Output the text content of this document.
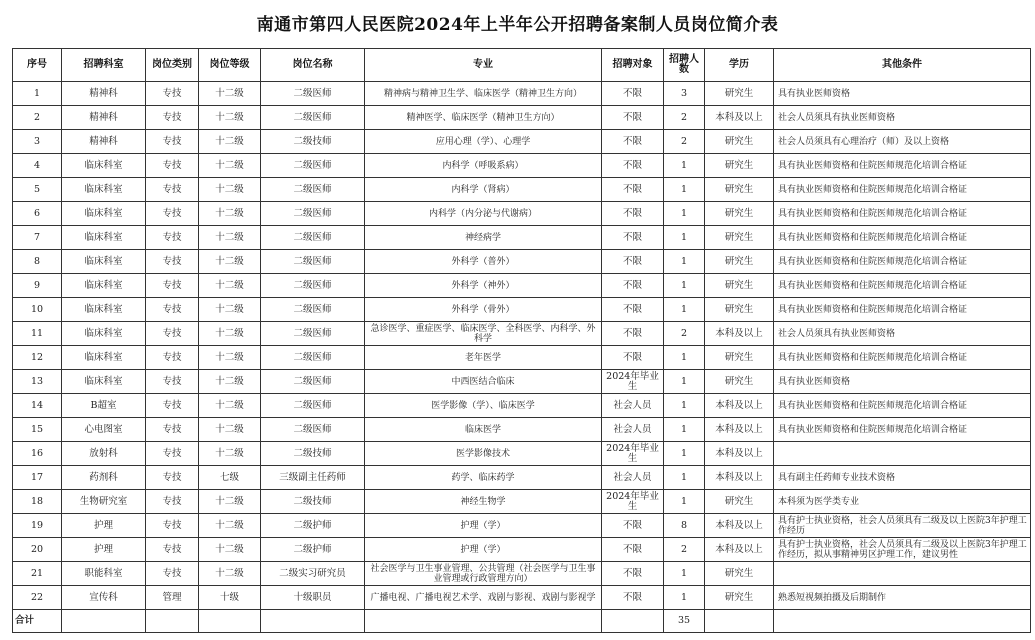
南通市第四人民医院2024年上半年公开招聘备案制人员岗位简介表
序号	招聘科室	岗位类别	岗位等级	岗位名称	专业	招聘对象	招聘人数	学历	其他条件
1	精神科	专技	十二级	二级医师	精神病与精神卫生学、临床医学（精神卫生方向）	不限	3	研究生	具有执业医师资格
2	精神科	专技	十二级	二级医师	精神医学、临床医学（精神卫生方向）	不限	2	本科及以上	社会人员须具有执业医师资格
3	精神科	专技	十二级	二级技师	应用心理（学）、心理学	不限	2	研究生	社会人员须具有心理治疗（师）及以上资格
4	临床科室	专技	十二级	二级医师	内科学（呼吸系病）	不限	1	研究生	具有执业医师资格和住院医师规范化培训合格证
5	临床科室	专技	十二级	二级医师	内科学（肾病）	不限	1	研究生	具有执业医师资格和住院医师规范化培训合格证
6	临床科室	专技	十二级	二级医师	内科学（内分泌与代谢病）	不限	1	研究生	具有执业医师资格和住院医师规范化培训合格证
7	临床科室	专技	十二级	二级医师	神经病学	不限	1	研究生	具有执业医师资格和住院医师规范化培训合格证
8	临床科室	专技	十二级	二级医师	外科学（普外）	不限	1	研究生	具有执业医师资格和住院医师规范化培训合格证
9	临床科室	专技	十二级	二级医师	外科学（神外）	不限	1	研究生	具有执业医师资格和住院医师规范化培训合格证
10	临床科室	专技	十二级	二级医师	外科学（骨外）	不限	1	研究生	具有执业医师资格和住院医师规范化培训合格证
11	临床科室	专技	十二级	二级医师	急诊医学、重症医学、临床医学、全科医学、内科学、外科学	不限	2	本科及以上	社会人员须具有执业医师资格
12	临床科室	专技	十二级	二级医师	老年医学	不限	1	研究生	具有执业医师资格和住院医师规范化培训合格证
13	临床科室	专技	十二级	二级医师	中西医结合临床	2024年毕业生	1	研究生	具有执业医师资格
14	B超室	专技	十二级	二级医师	医学影像（学）、临床医学	社会人员	1	本科及以上	具有执业医师资格和住院医师规范化培训合格证
15	心电图室	专技	十二级	二级医师	临床医学	社会人员	1	本科及以上	具有执业医师资格和住院医师规范化培训合格证
16	放射科	专技	十二级	二级技师	医学影像技术	2024年毕业生	1	本科及以上	
17	药剂科	专技	七级	三级副主任药师	药学、临床药学	社会人员	1	本科及以上	具有副主任药师专业技术资格
18	生物研究室	专技	十二级	二级技师	神经生物学	2024年毕业生	1	研究生	本科须为医学类专业
19	护理	专技	十二级	二级护师	护理（学）	不限	8	本科及以上	具有护士执业资格，社会人员须具有二级及以上医院3年护理工作经历
20	护理	专技	十二级	二级护师	护理（学）	不限	2	本科及以上	具有护士执业资格，社会人员须具有二级及以上医院3年护理工作经历，拟从事精神男区护理工作，建议男性
21	职能科室	专技	十二级	二级实习研究员	社会医学与卫生事业管理、公共管理（社会医学与卫生事业管理或行政管理方向）	不限	1	研究生	
22	宣传科	管理	十级	十级职员	广播电视、广播电视艺术学、戏剧与影视、戏剧与影视学	不限	1	研究生	熟悉短视频拍摄及后期制作
合计							35		
